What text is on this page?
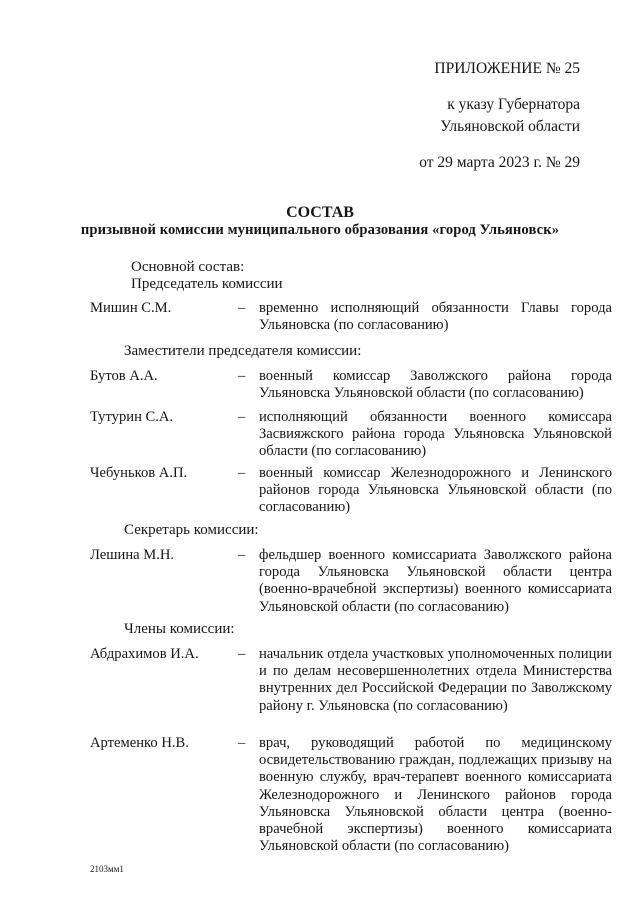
ПРИЛОЖЕНИЕ № 25
к указу Губернатора
Ульяновской области
от 29 марта 2023 г. № 29
СОСТАВ
призывной комиссии муниципального образования «город Ульяновск»
Основной состав:
Председатель комиссии
Мишин С.М.	– временно исполняющий обязанности Главы города Ульяновска (по согласованию)
Заместители председателя комиссии:
Бутов А.А.	– военный комиссар Заволжского района города Ульяновска Ульяновской области (по согласованию)
Тутурин С.А.	– исполняющий обязанности военного комиссара Засвияжского района города Ульяновска Ульяновской области (по согласованию)
Чебуньков А.П.	– военный комиссар Железнодорожного и Ленинского районов города Ульяновска Ульяновской области (по согласованию)
Секретарь комиссии:
Лешина М.Н.	– фельдшер военного комиссариата Заволжского района города Ульяновска Ульяновской области центра (военно-врачебной экспертизы) военного комиссариата Ульяновской области (по согласованию)
Члены комиссии:
Абдрахимов И.А.	– начальник отдела участковых уполномоченных полиции и по делам несовершеннолетних отдела Министерства внутренних дел Российской Федерации по Заволжскому району г. Ульяновска (по согласованию)
Артеменко Н.В.	– врач, руководящий работой по медицинскому освидетельствованию граждан, подлежащих призыву на военную службу, врач-терапевт военного комиссариата Железнодорожного и Ленинского районов города Ульяновска Ульяновской области центра (военно-врачебной экспертизы) военного комиссариата Ульяновской области (по согласованию)
2103мм1
